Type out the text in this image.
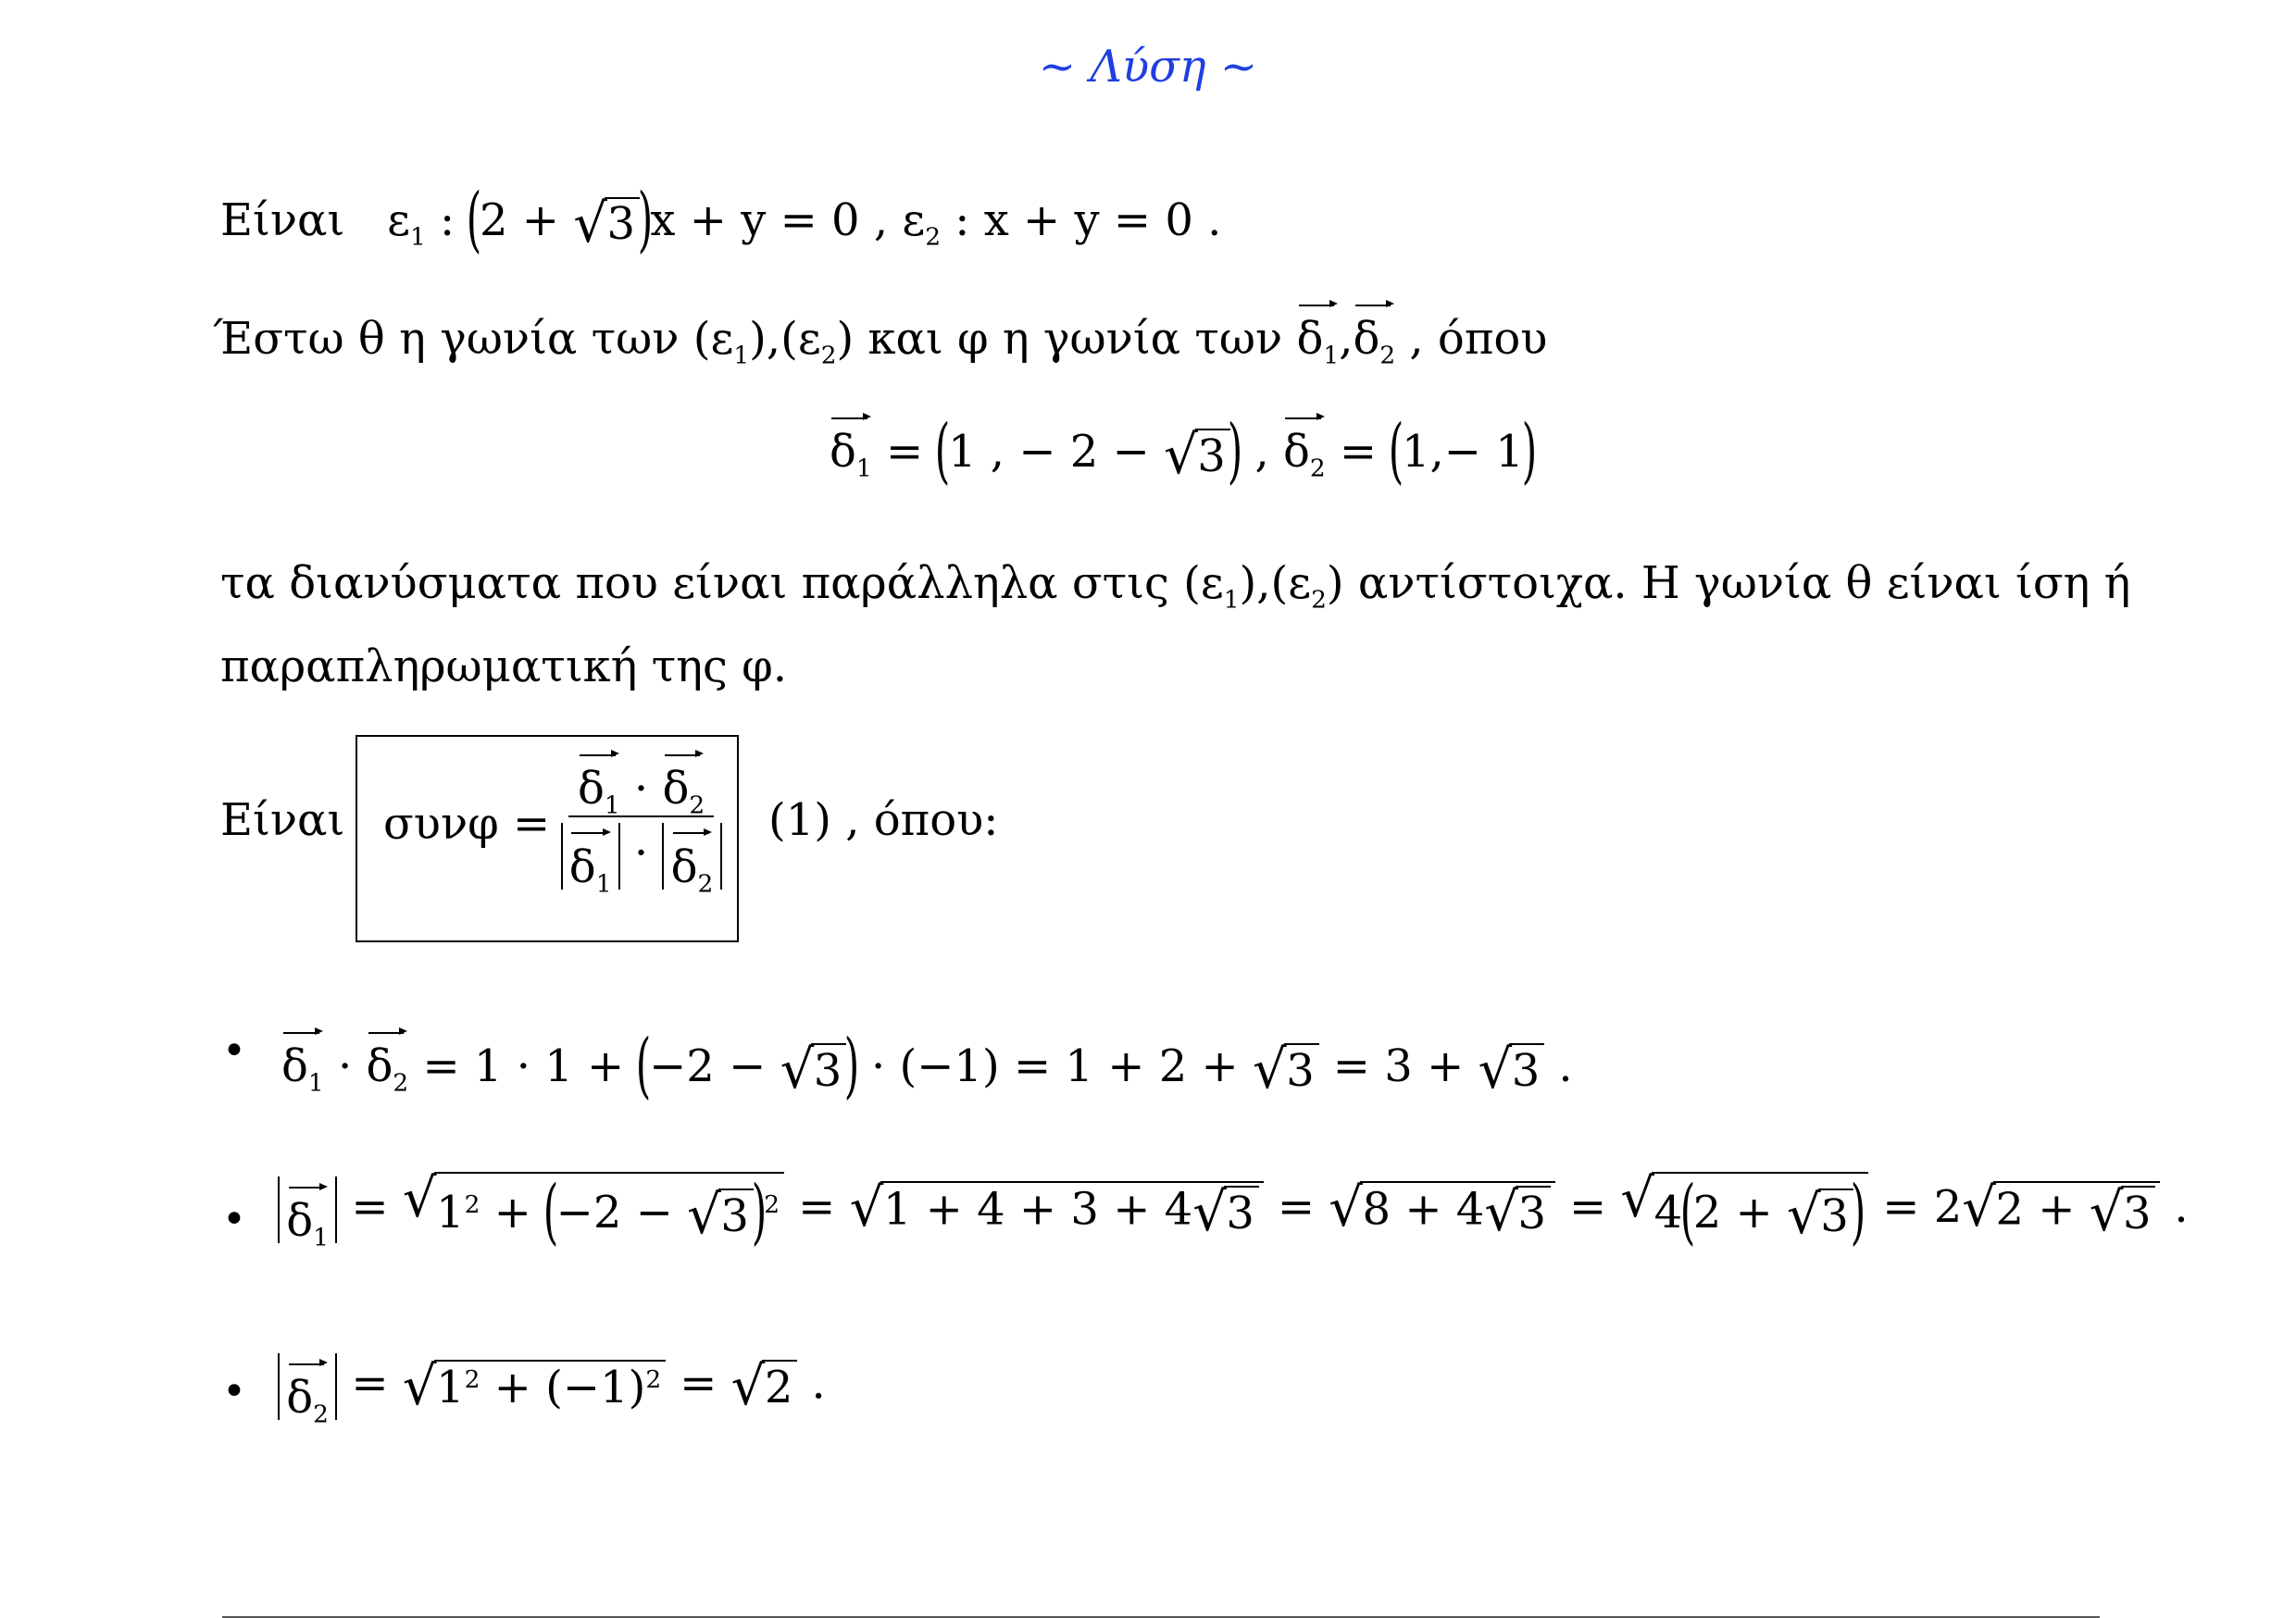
~ Λύση ~
Είναι $\varepsilon_1$ : (2 + √ 3 )x + y = 0 , $\varepsilon_2$ : x + y = 0 .
Έστω θ η γωνία των $(\varepsilon_1),(\varepsilon_2)$ και φ η γωνία των $\delta_1,\delta_2$ , όπου
$\delta_1 = (1$ , − 2 − √ 3 ) , $\delta_2 = (1,- 1)$
τα διανύσματα που είναι παράλληλα στις $(\varepsilon_1),(\varepsilon_2)$ αντίστοιχα. Η γωνία θ είναι ίση ή
παραπληρωματική της φ.
Είναι $\sigma\upsilon\nu\varphi = \frac{\delta_1 \cdot \delta_2}{\delta_1 \cdot \delta_2} (1)$ , όπου:
• $\delta_1 \cdot \delta_2 = 1 \cdot 1 + (-2$ − √ 3 ) · (−1) = 1 + 2 + √ 3 = 3 + √ 3 .
• $\delta_1$ = √ $1^2 + (-2$ − √ 3 )$^2$ = √ 1 + 4 + 3 + 4 √ 3 = √ 8 + 4 √ 3 = √ 4(2 + √ 3 ) = 2 √ 2 + √ 3 .
• $\delta_2$ = √ $1^2 + (-1)^2$ = √ 2 .
